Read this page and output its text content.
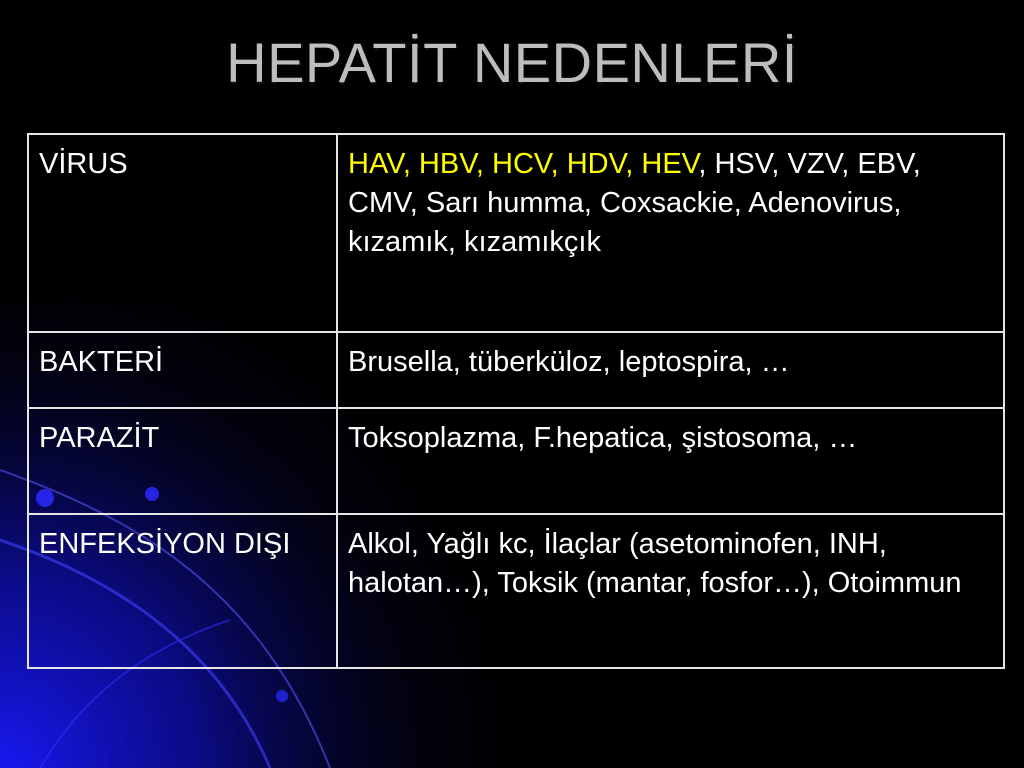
HEPATİT NEDENLERİ
VİRUS	HAV, HBV, HCV, HDV, HEV, HSV, VZV, EBV, CMV, Sarı humma, Coxsackie, Adenovirus, kızamık, kızamıkçık
BAKTERİ	Brusella, tüberküloz, leptospira, …
PARAZİT	Toksoplazma, F.hepatica, şistosoma, …
ENFEKSİYON DIŞI	Alkol, Yağlı kc, İlaçlar (asetominofen, INH, halotan…), Toksik (mantar, fosfor…), Otoimmun
